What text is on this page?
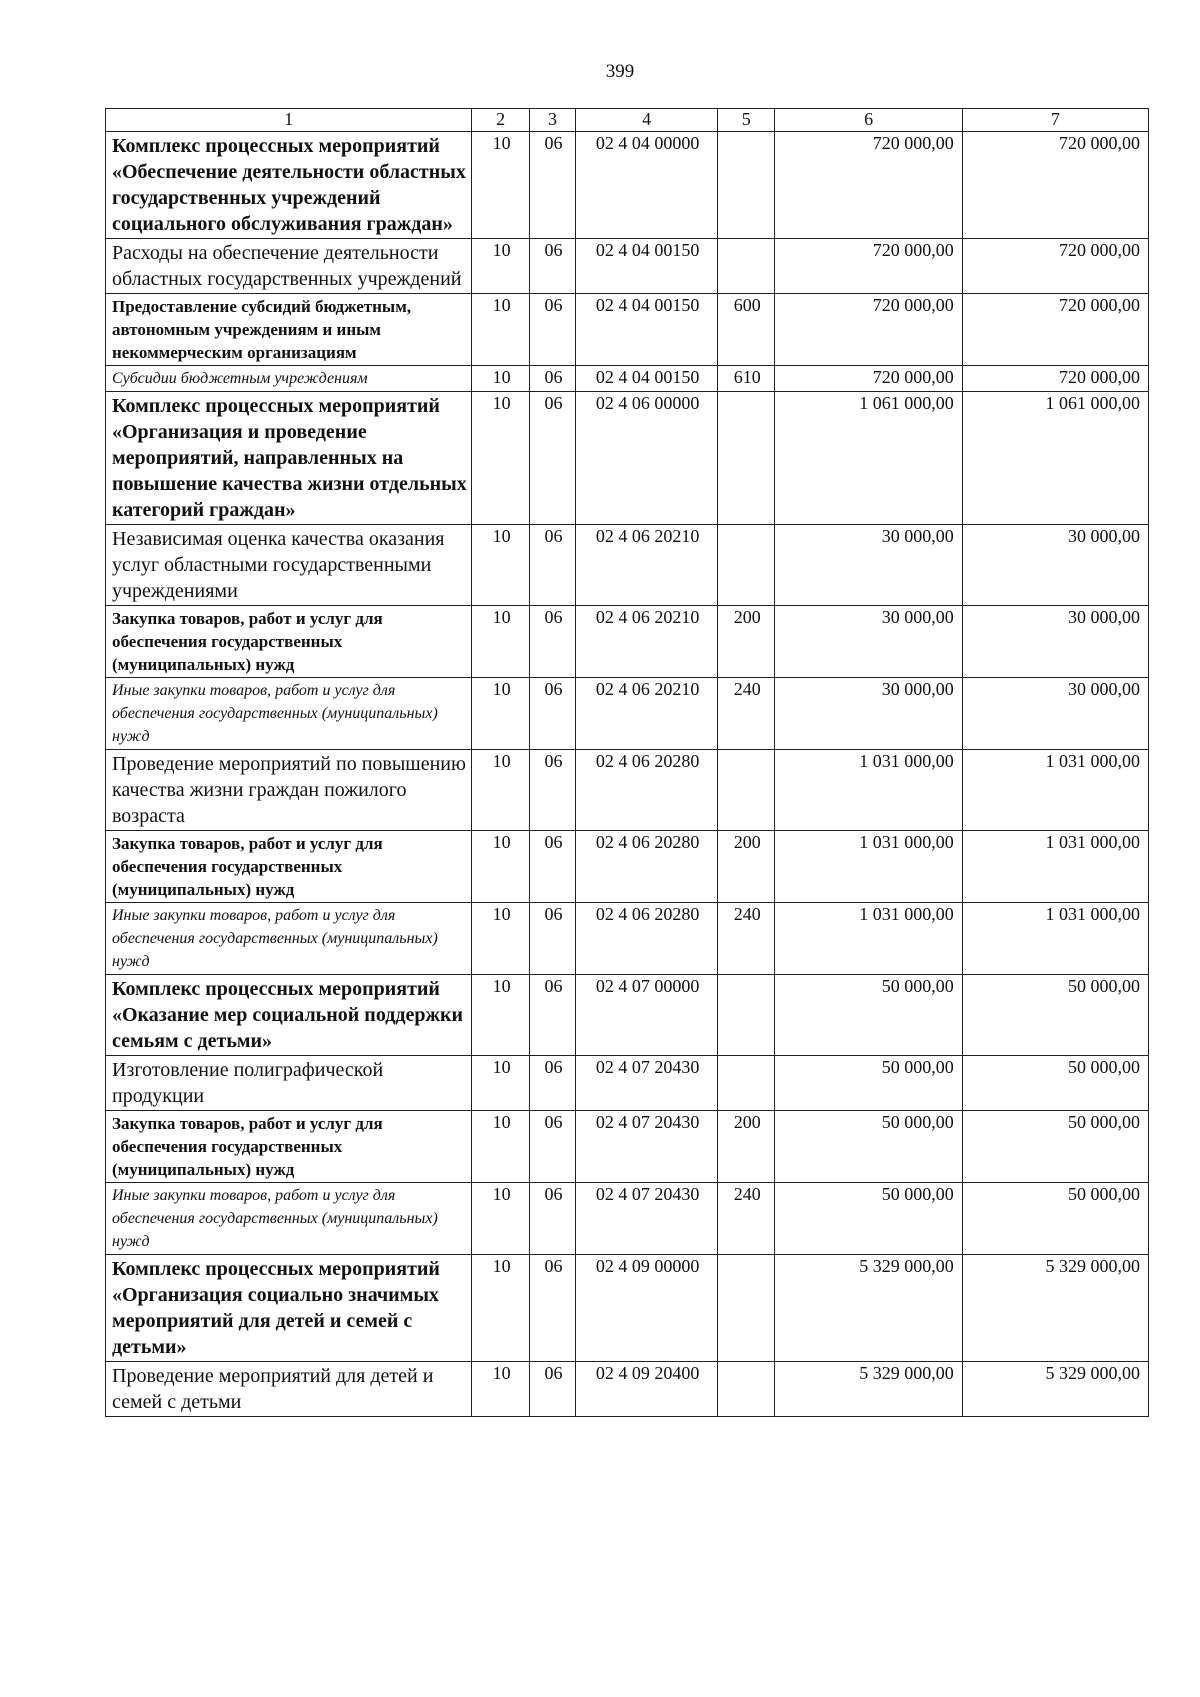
399
1	2	3	4	5	6	7
Комплекс процессных мероприятий «Обеспечение деятельности областных государственных учреждений социального обслуживания граждан»	10	06	02 4 04 00000		720 000,00	720 000,00
Расходы на обеспечение деятельности областных государственных учреждений	10	06	02 4 04 00150		720 000,00	720 000,00
Предоставление субсидий бюджетным, автономным учреждениям и иным некоммерческим организациям	10	06	02 4 04 00150	600	720 000,00	720 000,00
Субсидии бюджетным учреждениям	10	06	02 4 04 00150	610	720 000,00	720 000,00
Комплекс процессных мероприятий «Организация и проведение мероприятий, направленных на повышение качества жизни отдельных категорий граждан»	10	06	02 4 06 00000		1 061 000,00	1 061 000,00
Независимая оценка качества оказания услуг областными государственными учреждениями	10	06	02 4 06 20210		30 000,00	30 000,00
Закупка товаров, работ и услуг для обеспечения государственных (муниципальных) нужд	10	06	02 4 06 20210	200	30 000,00	30 000,00
Иные закупки товаров, работ и услуг для обеспечения государственных (муниципальных) нужд	10	06	02 4 06 20210	240	30 000,00	30 000,00
Проведение мероприятий по повышению качества жизни граждан пожилого возраста	10	06	02 4 06 20280		1 031 000,00	1 031 000,00
Закупка товаров, работ и услуг для обеспечения государственных (муниципальных) нужд	10	06	02 4 06 20280	200	1 031 000,00	1 031 000,00
Иные закупки товаров, работ и услуг для обеспечения государственных (муниципальных) нужд	10	06	02 4 06 20280	240	1 031 000,00	1 031 000,00
Комплекс процессных мероприятий «Оказание мер социальной поддержки семьям с детьми»	10	06	02 4 07 00000		50 000,00	50 000,00
Изготовление полиграфической продукции	10	06	02 4 07 20430		50 000,00	50 000,00
Закупка товаров, работ и услуг для обеспечения государственных (муниципальных) нужд	10	06	02 4 07 20430	200	50 000,00	50 000,00
Иные закупки товаров, работ и услуг для обеспечения государственных (муниципальных) нужд	10	06	02 4 07 20430	240	50 000,00	50 000,00
Комплекс процессных мероприятий «Организация социально значимых мероприятий для детей и семей с детьми»	10	06	02 4 09 00000		5 329 000,00	5 329 000,00
Проведение мероприятий для детей и семей с детьми	10	06	02 4 09 20400		5 329 000,00	5 329 000,00
